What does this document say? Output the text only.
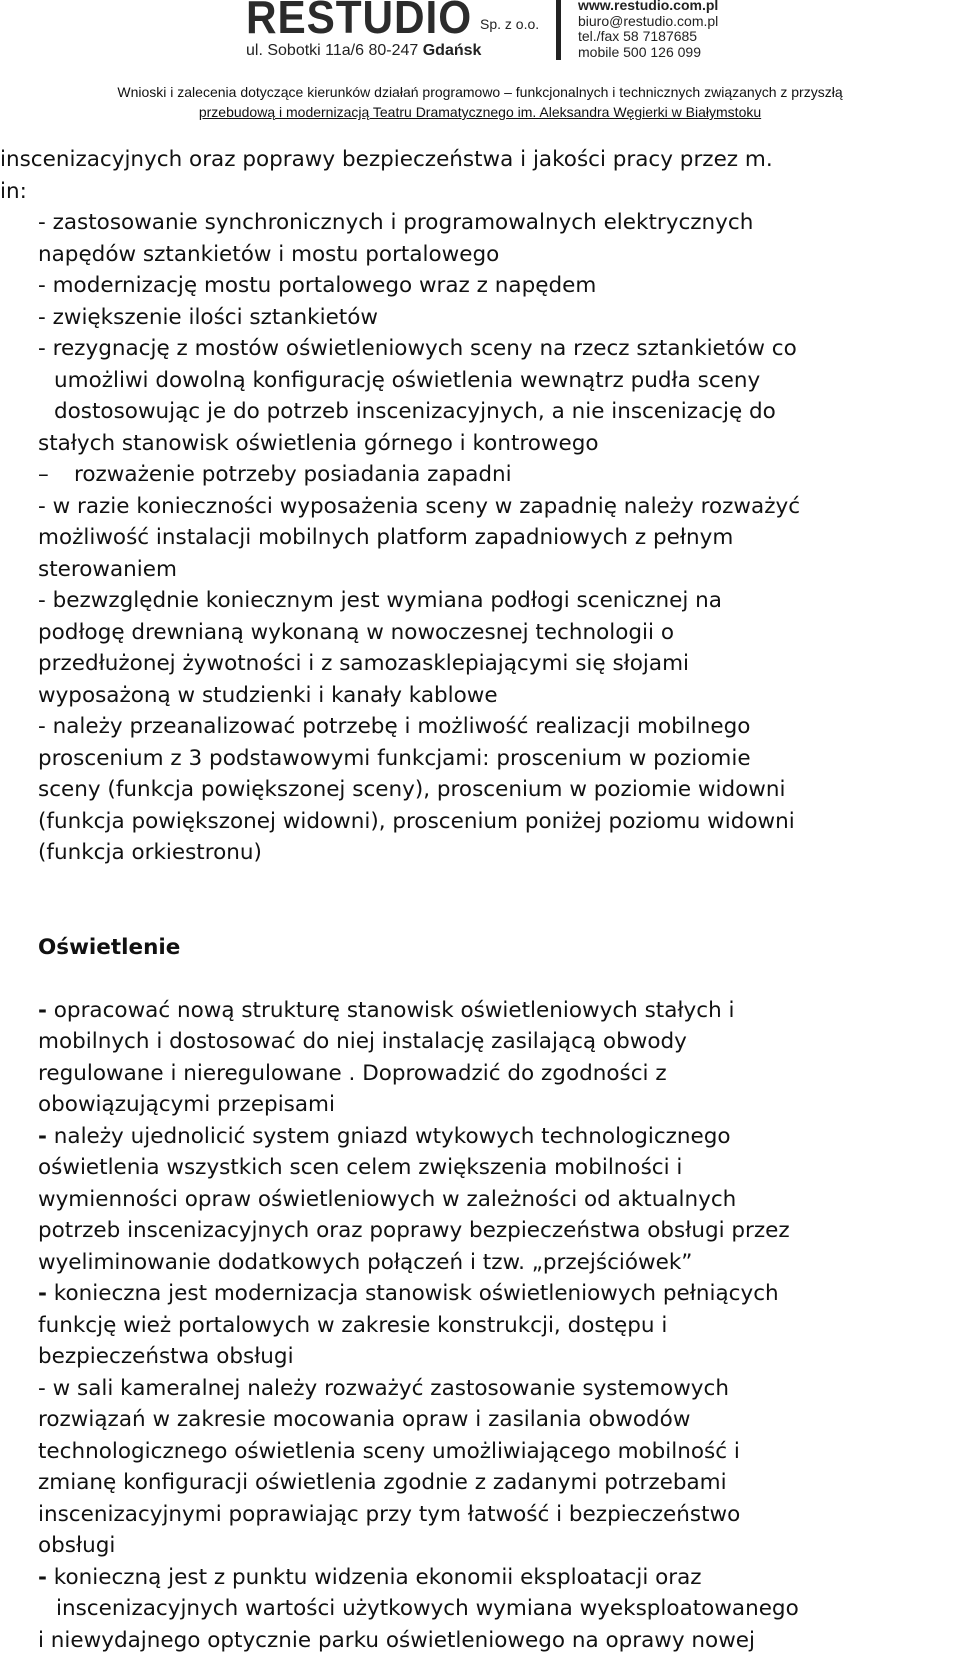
RESTUDIO Sp. z o.o.
ul. Sobotki 11a/6 80-247 Gdańsk
www.restudio.com.pl
biuro@restudio.com.pl
tel./fax 58 7187685
mobile 500 126 099
Wnioski i zalecenia dotyczące kierunków działań programowo – funkcjonalnych i technicznych związanych z przyszłą
przebudową i modernizacją Teatru Dramatycznego im. Aleksandra Węgierki w Białymstoku
inscenizacyjnych oraz poprawy bezpieczeństwa i jakości pracy przez m.
in:
- zastosowanie synchronicznych i programowalnych elektrycznych
napędów sztankietów i mostu portalowego
- modernizację mostu portalowego wraz z napędem
- zwiększenie ilości sztankietów
- rezygnację z mostów oświetleniowych sceny na rzecz sztankietów co
umożliwi dowolną konfigurację oświetlenia wewnątrz pudła sceny
dostosowując je do potrzeb inscenizacyjnych, a nie inscenizację do
stałych stanowisk oświetlenia górnego i kontrowego
– rozważenie potrzeby posiadania zapadni
- w razie konieczności wyposażenia sceny w zapadnię należy rozważyć
możliwość instalacji mobilnych platform zapadniowych z pełnym
sterowaniem
- bezwzględnie koniecznym jest wymiana podłogi scenicznej na
podłogę drewnianą wykonaną w nowoczesnej technologii o
przedłużonej żywotności i z samozasklepiającymi się słojami
wyposażoną w studzienki i kanały kablowe
- należy przeanalizować potrzebę i możliwość realizacji mobilnego
proscenium z 3 podstawowymi funkcjami: proscenium w poziomie
sceny (funkcja powiększonej sceny), proscenium w poziomie widowni
(funkcja powiększonej widowni), proscenium poniżej poziomu widowni
(funkcja orkiestronu)
Oświetlenie
- opracować nową strukturę stanowisk oświetleniowych stałych i
mobilnych i dostosować do niej instalację zasilającą obwody
regulowane i nieregulowane . Doprowadzić do zgodności z
obowiązującymi przepisami
- należy ujednolicić system gniazd wtykowych technologicznego
oświetlenia wszystkich scen celem zwiększenia mobilności i
wymienności opraw oświetleniowych w zależności od aktualnych
potrzeb inscenizacyjnych oraz poprawy bezpieczeństwa obsługi przez
wyeliminowanie dodatkowych połączeń i tzw. „przejściówek”
- konieczna jest modernizacja stanowisk oświetleniowych pełniących
funkcję wież portalowych w zakresie konstrukcji, dostępu i
bezpieczeństwa obsługi
- w sali kameralnej należy rozważyć zastosowanie systemowych
rozwiązań w zakresie mocowania opraw i zasilania obwodów
technologicznego oświetlenia sceny umożliwiającego mobilność i
zmianę konfiguracji oświetlenia zgodnie z zadanymi potrzebami
inscenizacyjnymi poprawiając przy tym łatwość i bezpieczeństwo
obsługi
- konieczną jest z punktu widzenia ekonomii eksploatacji oraz
inscenizacyjnych wartości użytkowych wymiana wyeksploatowanego
i niewydajnego optycznie parku oświetleniowego na oprawy nowej
